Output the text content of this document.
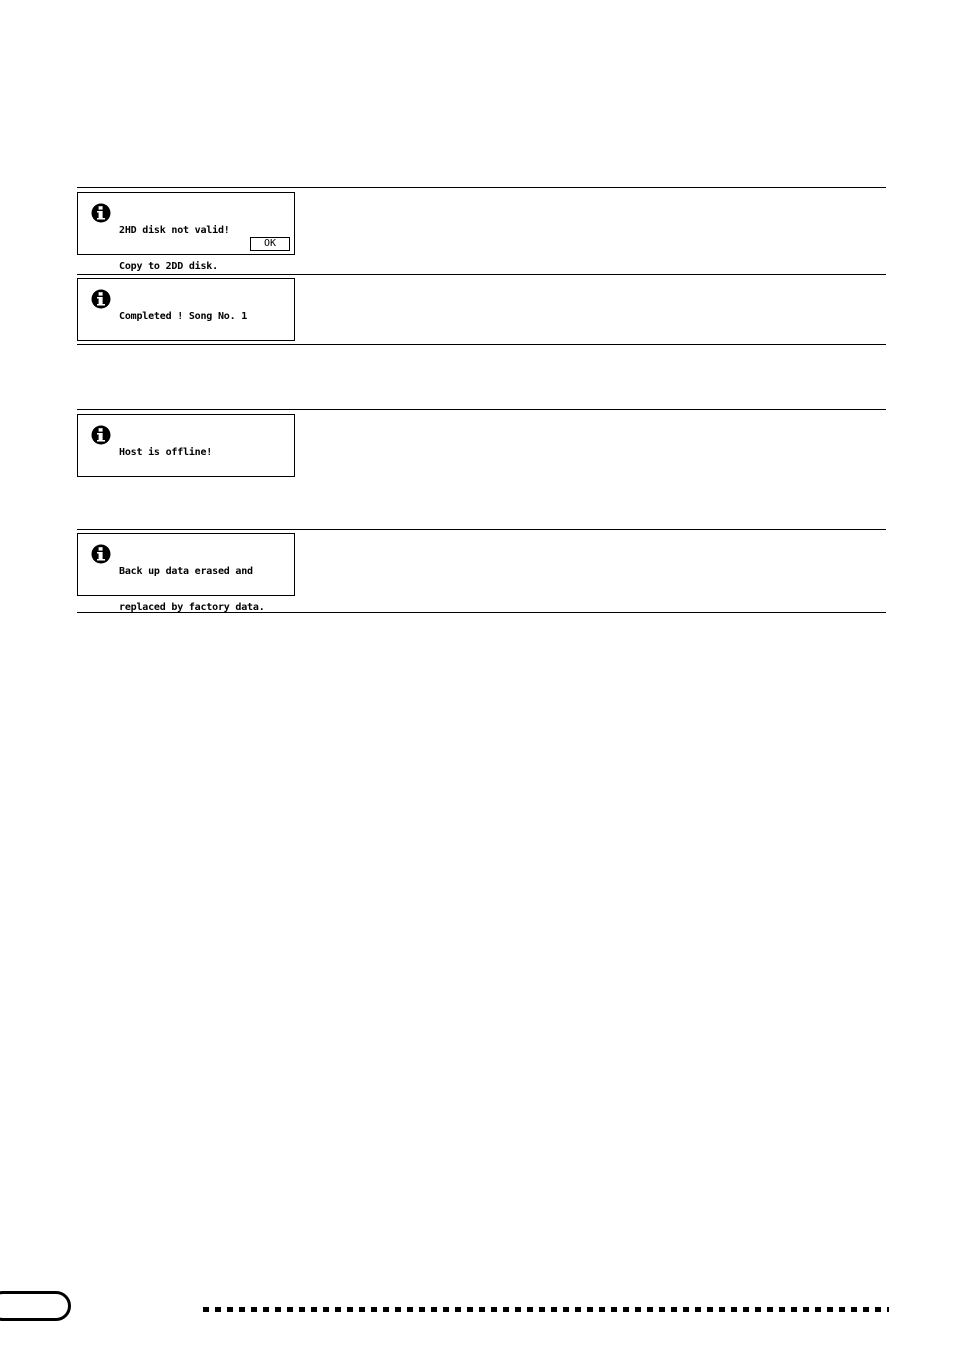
2HD disk not valid!

Copy to 2DD disk.

OK

Completed ! Song No. 1

Host is offline!

Back up data erased and

replaced by factory data.
